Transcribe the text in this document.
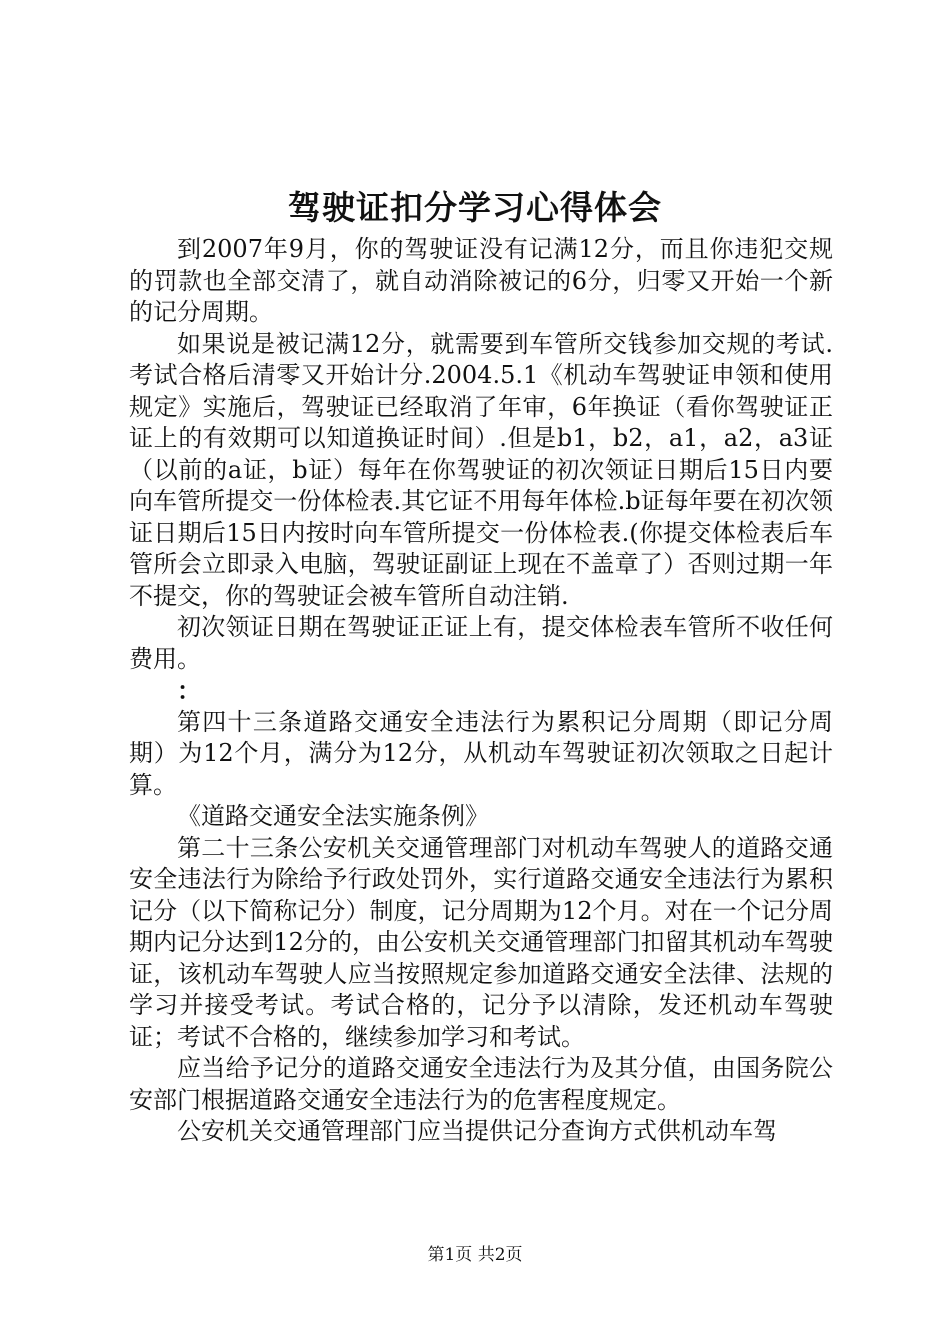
驾驶证扣分学习心得体会

到2007年9月，你的驾驶证没有记满12分，而且你违犯交规的罚款也全部交清了，就自动消除被记的6分，归零又开始一个新的记分周期。

如果说是被记满12分，就需要到车管所交钱参加交规的考试.考试合格后清零又开始计分.2004.5.1《机动车驾驶证申领和使用规定》实施后，驾驶证已经取消了年审，6年换证（看你驾驶证正证上的有效期可以知道换证时间）.但是b1，b2，a1，a2，a3证（以前的a证，b证）每年在你驾驶证的初次领证日期后15日内要向车管所提交一份体检表.其它证不用每年体检.b证每年要在初次领证日期后15日内按时向车管所提交一份体检表.(你提交体检表后车管所会立即录入电脑，驾驶证副证上现在不盖章了）否则过期一年不提交，你的驾驶证会被车管所自动注销.

初次领证日期在驾驶证正证上有，提交体检表车管所不收任何费用。

：

第四十三条道路交通安全违法行为累积记分周期（即记分周期）为12个月，满分为12分，从机动车驾驶证初次领取之日起计算。

《道路交通安全法实施条例》

第二十三条公安机关交通管理部门对机动车驾驶人的道路交通安全违法行为除给予行政处罚外，实行道路交通安全违法行为累积记分（以下简称记分）制度，记分周期为12个月。对在一个记分周期内记分达到12分的，由公安机关交通管理部门扣留其机动车驾驶证，该机动车驾驶人应当按照规定参加道路交通安全法律、法规的学习并接受考试。考试合格的，记分予以清除，发还机动车驾驶证；考试不合格的，继续参加学习和考试。

应当给予记分的道路交通安全违法行为及其分值，由国务院公安部门根据道路交通安全违法行为的危害程度规定。

公安机关交通管理部门应当提供记分查询方式供机动车驾

第1页 共2页
